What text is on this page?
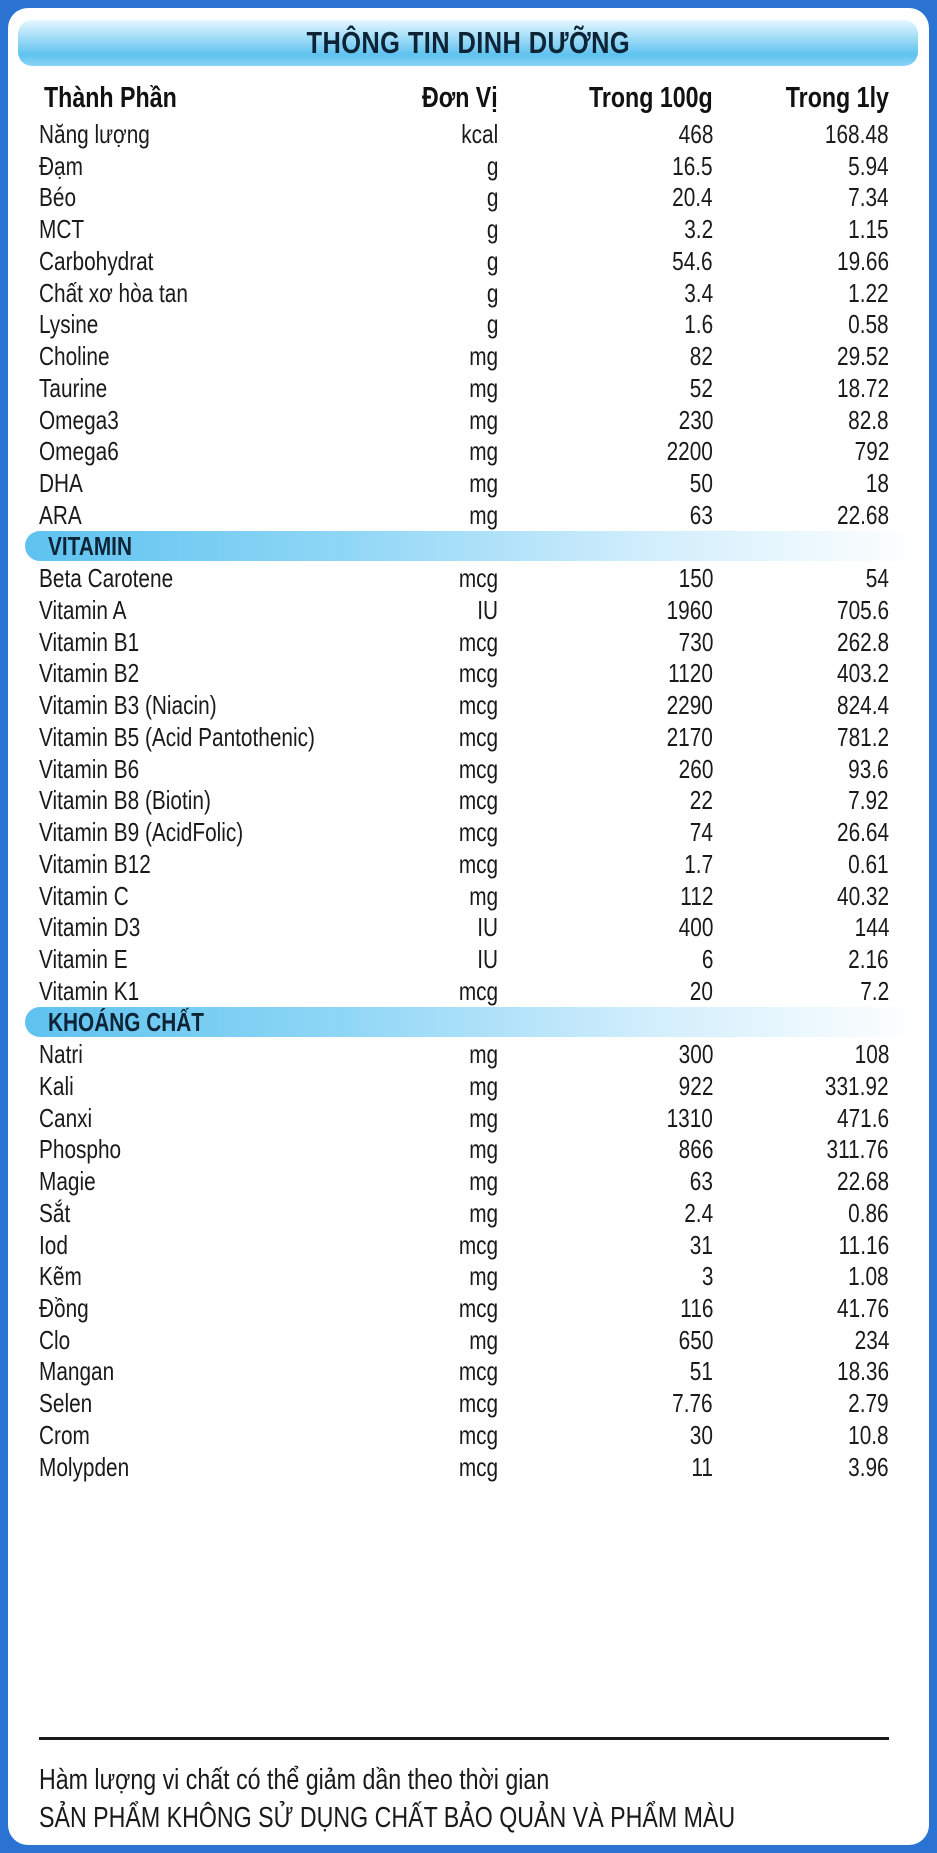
THÔNG TIN DINH DƯỠNG
Thành Phần	Đơn Vị	Trong 100g	Trong 1ly
Năng lượng	kcal	468	168.48
Đạm	g	16.5	5.94
Béo	g	20.4	7.34
MCT	g	3.2	1.15
Carbohydrat	g	54.6	19.66
Chất xơ hòa tan	g	3.4	1.22
Lysine	g	1.6	0.58
Choline	mg	82	29.52
Taurine	mg	52	18.72
Omega3	mg	230	82.8
Omega6	mg	2200	792
DHA	mg	50	18
ARA	mg	63	22.68
VITAMIN
Beta Carotene	mcg	150	54
Vitamin A	IU	1960	705.6
Vitamin B1	mcg	730	262.8
Vitamin B2	mcg	1120	403.2
Vitamin B3 (Niacin)	mcg	2290	824.4
Vitamin B5 (Acid Pantothenic)	mcg	2170	781.2
Vitamin B6	mcg	260	93.6
Vitamin B8 (Biotin)	mcg	22	7.92
Vitamin B9 (AcidFolic)	mcg	74	26.64
Vitamin B12	mcg	1.7	0.61
Vitamin C	mg	112	40.32
Vitamin D3	IU	400	144
Vitamin E	IU	6	2.16
Vitamin K1	mcg	20	7.2
KHOÁNG CHẤT
Natri	mg	300	108
Kali	mg	922	331.92
Canxi	mg	1310	471.6
Phospho	mg	866	311.76
Magie	mg	63	22.68
Sắt	mg	2.4	0.86
Iod	mcg	31	11.16
Kẽm	mg	3	1.08
Đồng	mcg	116	41.76
Clo	mg	650	234
Mangan	mcg	51	18.36
Selen	mcg	7.76	2.79
Crom	mcg	30	10.8
Molypden	mcg	11	3.96
Hàm lượng vi chất có thể giảm dần theo thời gian
SẢN PHẨM KHÔNG SỬ DỤNG CHẤT BẢO QUẢN VÀ PHẨM MÀU
